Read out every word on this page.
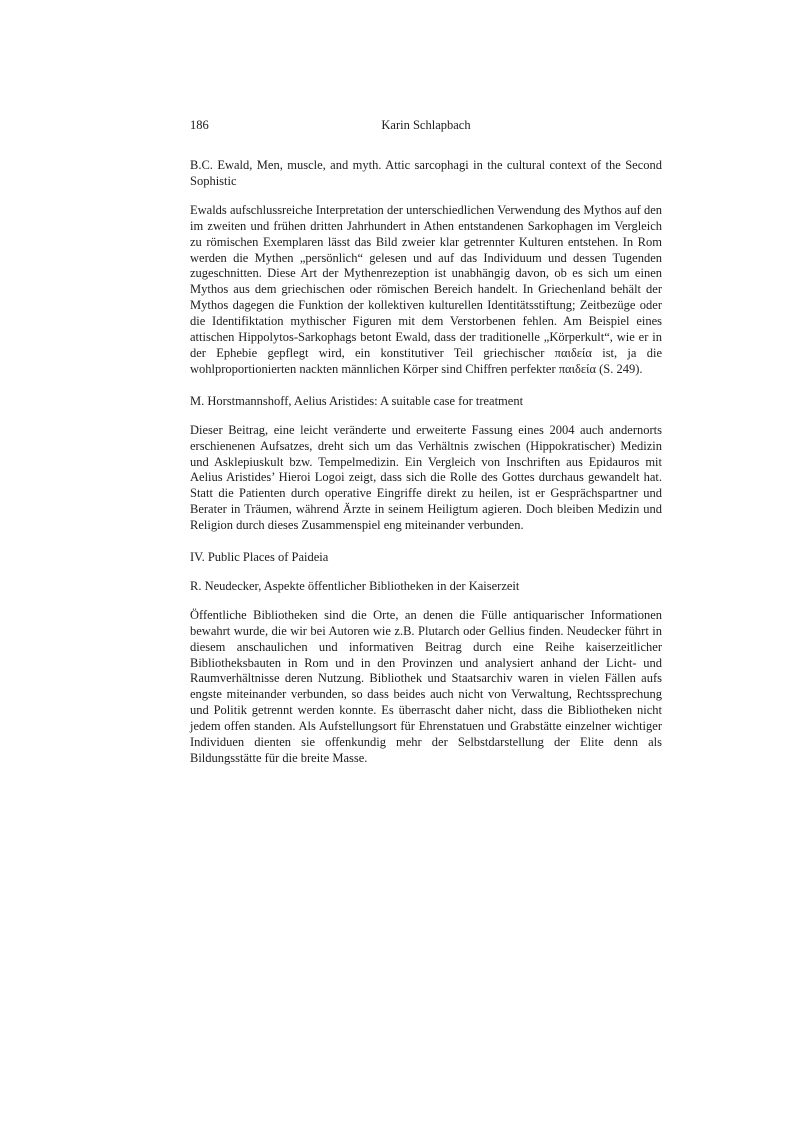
186	Karin Schlapbach

B.C. Ewald, Men, muscle, and myth. Attic sarcophagi in the cultural context of the Second Sophistic

Ewalds aufschlussreiche Interpretation der unterschiedlichen Verwendung des Mythos auf den im zweiten und frühen dritten Jahrhundert in Athen entstandenen Sarkophagen im Vergleich zu römischen Exemplaren lässt das Bild zweier klar getrennter Kulturen entstehen. In Rom werden die Mythen „persönlich“ gelesen und auf das Individuum und dessen Tugenden zugeschnitten. Diese Art der Mythenrezeption ist unabhängig davon, ob es sich um einen Mythos aus dem griechischen oder römischen Bereich handelt. In Griechenland behält der Mythos dagegen die Funktion der kollektiven kulturellen Identitätsstiftung; Zeitbezüge oder die Identifiktation mythischer Figuren mit dem Verstorbenen fehlen. Am Beispiel eines attischen Hippolytos-Sarkophags betont Ewald, dass der traditionelle „Körperkult“, wie er in der Ephebie gepflegt wird, ein konstitutiver Teil griechischer παιδεία ist, ja die wohlproportionierten nackten männlichen Körper sind Chiffren perfekter παιδεία (S. 249).

M. Horstmannshoff, Aelius Aristides: A suitable case for treatment

Dieser Beitrag, eine leicht veränderte und erweiterte Fassung eines 2004 auch andernorts erschienenen Aufsatzes, dreht sich um das Verhältnis zwischen (Hippokratischer) Medizin und Asklepiuskult bzw. Tempelmedizin. Ein Vergleich von Inschriften aus Epidauros mit Aelius Aristides’ Hieroi Logoi zeigt, dass sich die Rolle des Gottes durchaus gewandelt hat. Statt die Patienten durch operative Eingriffe direkt zu heilen, ist er Gesprächspartner und Berater in Träumen, während Ärzte in seinem Heiligtum agieren. Doch bleiben Medizin und Religion durch dieses Zusammenspiel eng miteinander verbunden.

IV. Public Places of Paideia

R. Neudecker, Aspekte öffentlicher Bibliotheken in der Kaiserzeit

Öffentliche Bibliotheken sind die Orte, an denen die Fülle antiquarischer Informationen bewahrt wurde, die wir bei Autoren wie z.B. Plutarch oder Gellius finden. Neudecker führt in diesem anschaulichen und informativen Beitrag durch eine Reihe kaiserzeitlicher Bibliotheksbauten in Rom und in den Provinzen und analysiert anhand der Licht- und Raumverhältnisse deren Nutzung. Bibliothek und Staatsarchiv waren in vielen Fällen aufs engste miteinander verbunden, so dass beides auch nicht von Verwaltung, Rechtssprechung und Politik getrennt werden konnte. Es überrascht daher nicht, dass die Bibliotheken nicht jedem offen standen. Als Aufstellungsort für Ehrenstatuen und Grabstätte einzelner wichtiger Individuen dienten sie offenkundig mehr der Selbstdarstellung der Elite denn als Bildungsstätte für die breite Masse.
